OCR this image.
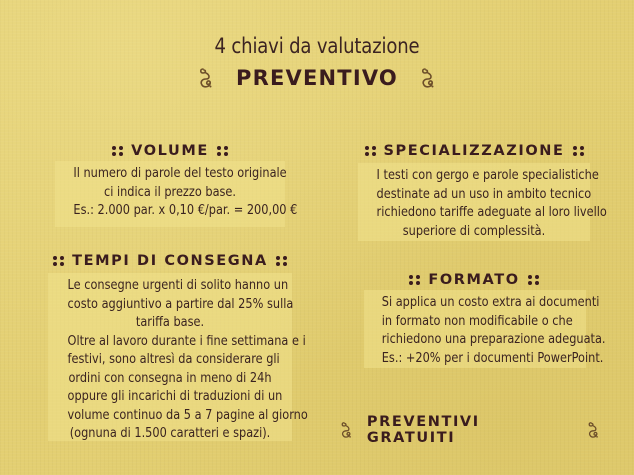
4 chiavi da valutazione
PREVENTIVO
VOLUME
Il numero di parole del testo originale
ci indica il prezzo base.
Es.: 2.000 par. x 0,10 €/par. = 200,00 €
SPECIALIZZAZIONE
I testi con gergo e parole specialistiche
destinate ad un uso in ambito tecnico
richiedono tariffe adeguate al loro livello
superiore di complessità.
TEMPI DI CONSEGNA
Le consegne urgenti di solito hanno un
costo aggiuntivo a partire dal 25% sulla
tariffa base.
Oltre al lavoro durante i fine settimana e i
festivi, sono altresì da considerare gli
ordini con consegna in meno di 24h
oppure gli incarichi di traduzioni di un
volume continuo da 5 a 7 pagine al giorno
(ognuna di 1.500 caratteri e spazi).
FORMATO
Si applica un costo extra ai documenti
in formato non modificabile o che
richiedono una preparazione adeguata.
Es.: +20% per i documenti PowerPoint.
PREVENTIVI GRATUITI
